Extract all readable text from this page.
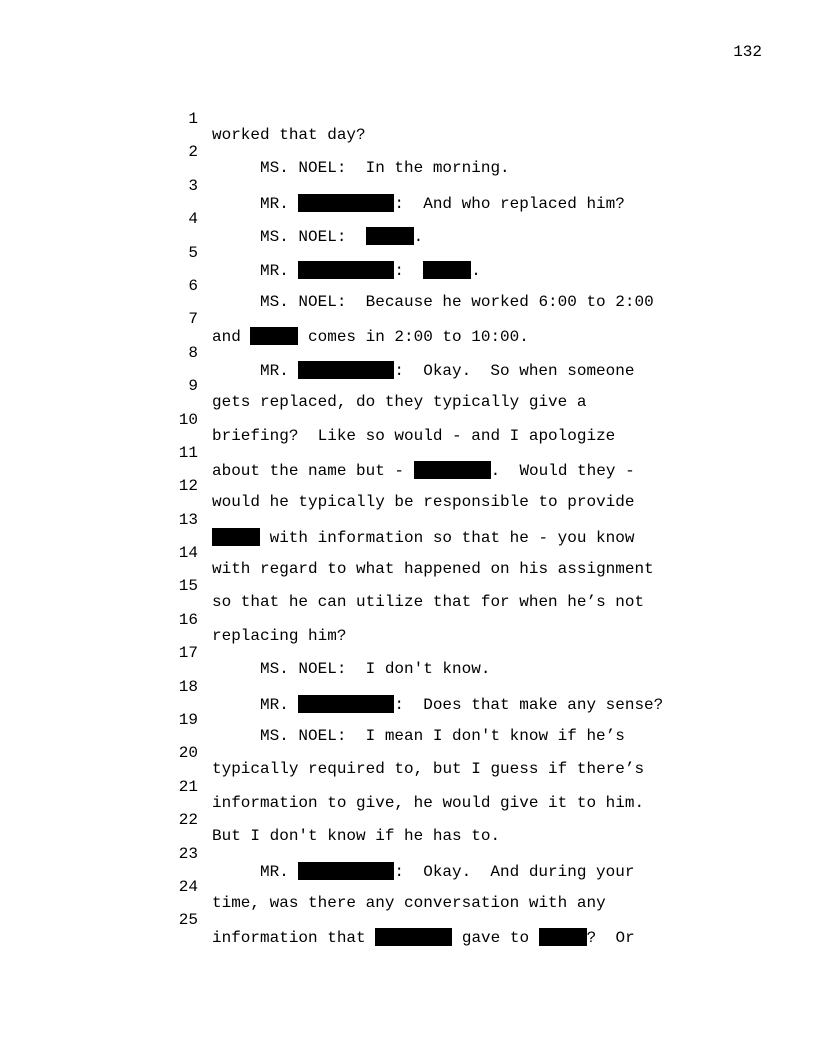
132

1

worked that day?

2

MS. NOEL:  In the morning.

3

MR.	:  And who replaced him?

4

MS. NOEL:	.

5

MR.	:	.

6

MS. NOEL:  Because he worked 6:00 to 2:00

7

and	comes in 2:00 to 10:00.

8

MR.	:  Okay.  So when someone

9

gets replaced, do they typically give a

10

briefing?  Like so would - and I apologize

11

about the name but -	.  Would they -

12

would he typically be responsible to provide

13

with information so that he - you know

14

with regard to what happened on his assignment

15

so that he can utilize that for when he’s not

16

replacing him?

17

MS. NOEL:  I don't know.

18

MR.	:  Does that make any sense?

19

MS. NOEL:  I mean I don't know if he’s

20

typically required to, but I guess if there’s

21

information to give, he would give it to him.

22

But I don't know if he has to.

23

MR.	:  Okay.  And during your

24

time, was there any conversation with any

25

information that	gave to	?  Or
